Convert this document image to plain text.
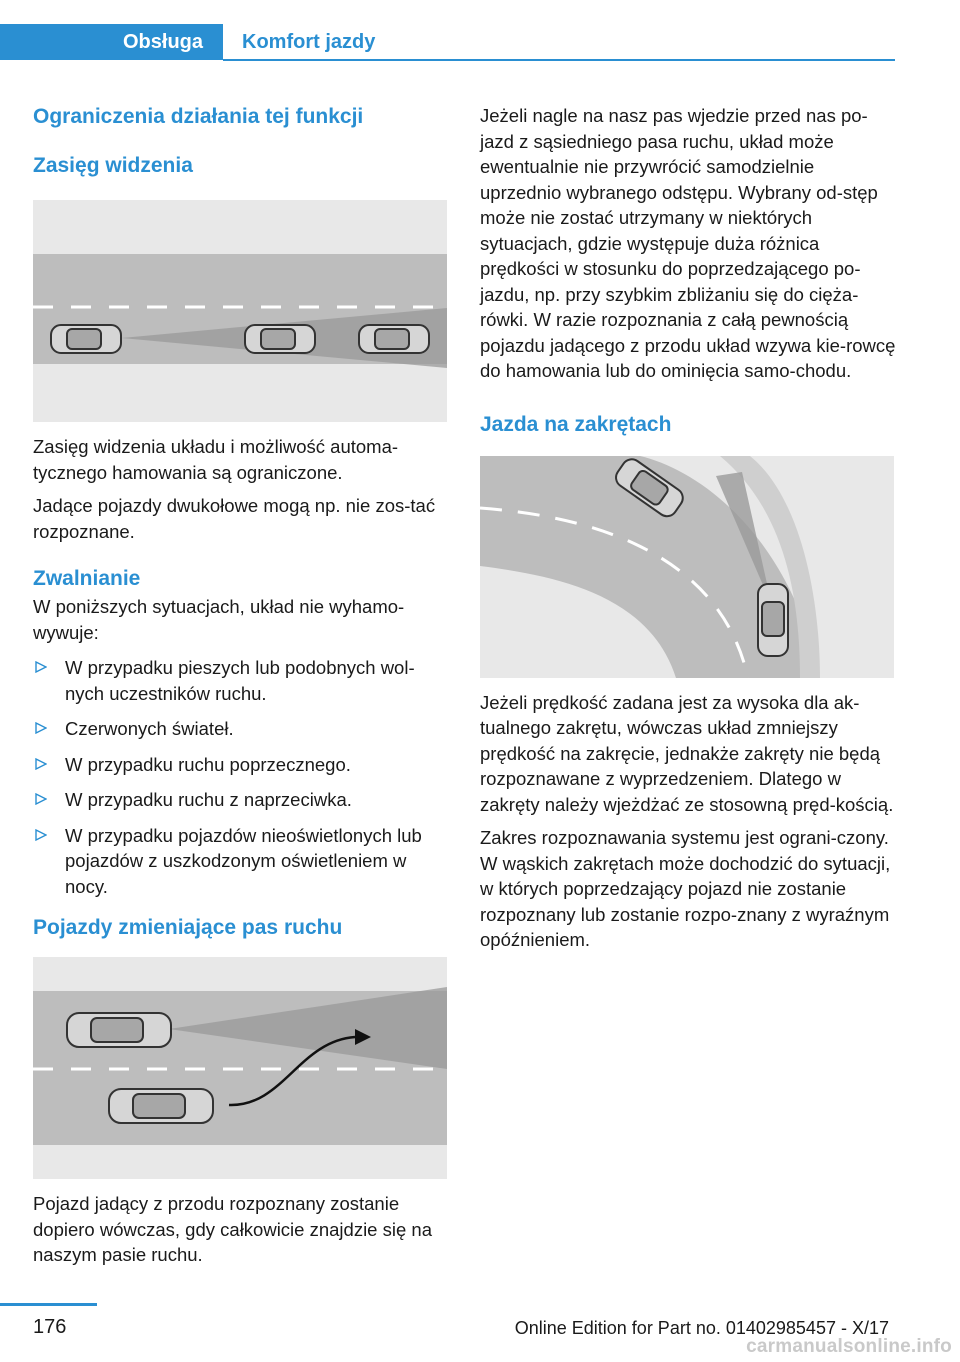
Obsługa	Komfort jazdy
Ograniczenia działania tej funkcji
Zasięg widzenia

Zasięg widzenia układu i możliwość automa‐tycznego hamowania są ograniczone.

Jadące pojazdy dwukołowe mogą np. nie zos‐tać rozpoznane.

Zwalnianie

W poniższych sytuacjach, układ nie wyhamo‐wywuje:

W przypadku pieszych lub podobnych wol‐nych uczestników ruchu.
Czerwonych świateł.
W przypadku ruchu poprzecznego.
W przypadku ruchu z naprzeciwka.
W przypadku pojazdów nieoświetlonych lub pojazdów z uszkodzonym oświetleniem w nocy.
Pojazdy zmieniające pas ruchu

Pojazd jadący z przodu rozpoznany zostanie dopiero wówczas, gdy całkowicie znajdzie się na naszym pasie ruchu.

Jeżeli nagle na nasz pas wjedzie przed nas po‐jazd z sąsiedniego pasa ruchu, układ może ewentualnie nie przywrócić samodzielnie uprzednio wybranego odstępu. Wybrany od‐stęp może nie zostać utrzymany w niektórych sytuacjach, gdzie występuje duża różnica prędkości w stosunku do poprzedzającego po‐jazdu, np. przy szybkim zbliżaniu się do cięża‐rówki. W razie rozpoznania z całą pewnością pojazdu jadącego z przodu układ wzywa kie‐rowcę do hamowania lub do ominięcia samo‐chodu.

Jazda na zakrętach

Jeżeli prędkość zadana jest za wysoka dla ak‐tualnego zakrętu, wówczas układ zmniejszy prędkość na zakręcie, jednakże zakręty nie będą rozpoznawane z wyprzedzeniem. Dlatego w zakręty należy wjeżdżać ze stosowną pręd‐kością.

Zakres rozpoznawania systemu jest ograni‐czony. W wąskich zakrętach może dochodzić do sytuacji, w których poprzedzający pojazd nie zostanie rozpoznany lub zostanie rozpo‐znany z wyraźnym opóźnieniem.

176	Online Edition for Part no. 01402985457 - X/17
carmanualsonline.info
